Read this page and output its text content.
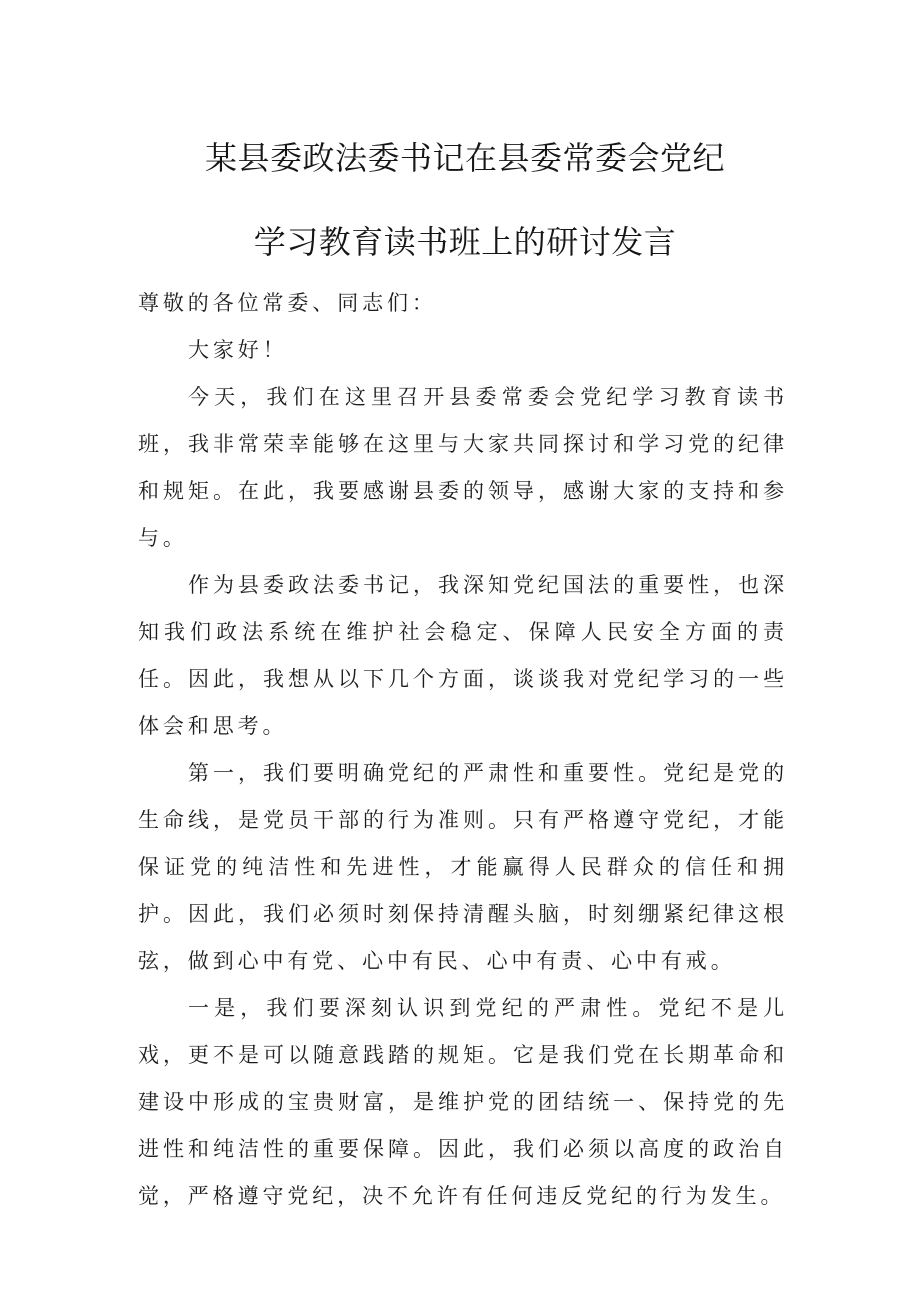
某县委政法委书记在县委常委会党纪
学习教育读书班上的研讨发言

尊敬的各位常委、同志们：

大家好！

今天，我们在这里召开县委常委会党纪学习教育读书班，我非常荣幸能够在这里与大家共同探讨和学习党的纪律和规矩。在此，我要感谢县委的领导，感谢大家的支持和参与。

作为县委政法委书记，我深知党纪国法的重要性，也深知我们政法系统在维护社会稳定、保障人民安全方面的责任。因此，我想从以下几个方面，谈谈我对党纪学习的一些体会和思考。

第一，我们要明确党纪的严肃性和重要性。党纪是党的生命线，是党员干部的行为准则。只有严格遵守党纪，才能保证党的纯洁性和先进性，才能赢得人民群众的信任和拥护。因此，我们必须时刻保持清醒头脑，时刻绷紧纪律这根弦，做到心中有党、心中有民、心中有责、心中有戒。

一是，我们要深刻认识到党纪的严肃性。党纪不是儿戏，更不是可以随意践踏的规矩。它是我们党在长期革命和建设中形成的宝贵财富，是维护党的团结统一、保持党的先进性和纯洁性的重要保障。因此，我们必须以高度的政治自觉，严格遵守党纪，决不允许有任何违反党纪的行为发生。
